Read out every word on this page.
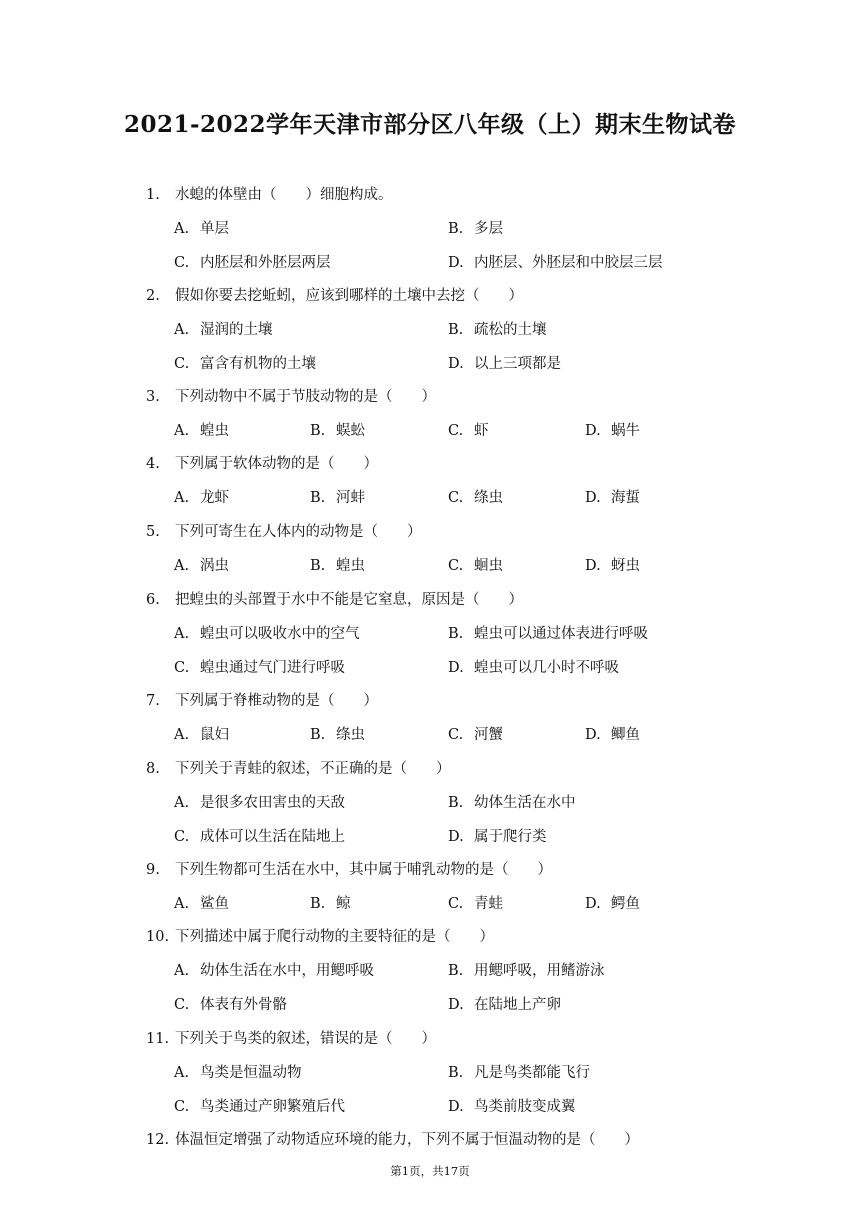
2021-2022学年天津市部分区八年级（上）期末生物试卷
1. 水螅的体壁由（　　）细胞构成。
A. 单层	B. 多层
C. 内胚层和外胚层两层	D. 内胚层、外胚层和中胶层三层
2. 假如你要去挖蚯蚓，应该到哪样的土壤中去挖（　　）
A. 湿润的土壤	B. 疏松的土壤
C. 富含有机物的土壤	D. 以上三项都是
3. 下列动物中不属于节肢动物的是（　　）
A. 蝗虫	B. 蜈蚣	C. 虾	D. 蜗牛
4. 下列属于软体动物的是（　　）
A. 龙虾	B. 河蚌	C. 绦虫	D. 海蜇
5. 下列可寄生在人体内的动物是（　　）
A. 涡虫	B. 蝗虫	C. 蛔虫	D. 蚜虫
6. 把蝗虫的头部置于水中不能是它窒息，原因是（　　）
A. 蝗虫可以吸收水中的空气	B. 蝗虫可以通过体表进行呼吸
C. 蝗虫通过气门进行呼吸	D. 蝗虫可以几小时不呼吸
7. 下列属于脊椎动物的是（　　）
A. 鼠妇	B. 绦虫	C. 河蟹	D. 鲫鱼
8. 下列关于青蛙的叙述，不正确的是（　　）
A. 是很多农田害虫的天敌	B. 幼体生活在水中
C. 成体可以生活在陆地上	D. 属于爬行类
9. 下列生物都可生活在水中，其中属于哺乳动物的是（　　）
A. 鲨鱼	B. 鲸	C. 青蛙	D. 鳄鱼
10. 下列描述中属于爬行动物的主要特征的是（　　）
A. 幼体生活在水中，用鳃呼吸	B. 用鳃呼吸，用鳍游泳
C. 体表有外骨骼	D. 在陆地上产卵
11. 下列关于鸟类的叙述，错误的是（　　）
A. 鸟类是恒温动物	B. 凡是鸟类都能飞行
C. 鸟类通过产卵繁殖后代	D. 鸟类前肢变成翼
12. 体温恒定增强了动物适应环境的能力，下列不属于恒温动物的是（　　）
第1页，共17页
